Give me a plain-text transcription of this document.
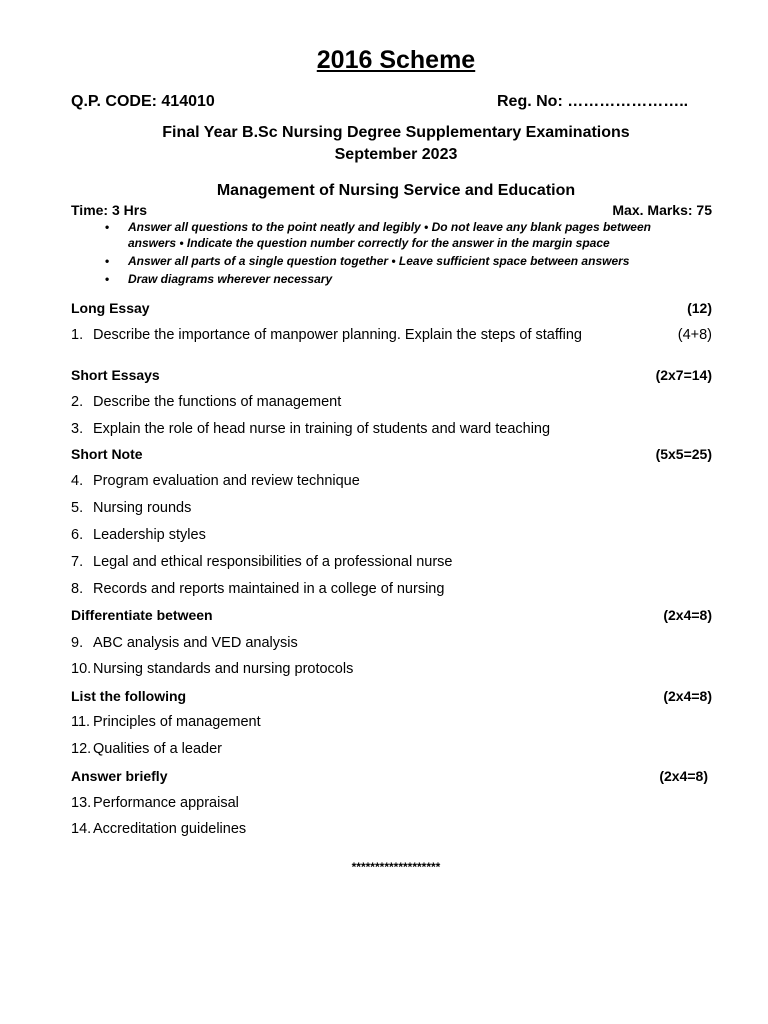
2016 Scheme
Q.P. CODE: 414010	Reg. No: …………………..
Final Year B.Sc Nursing Degree Supplementary Examinations
September 2023
Management of Nursing Service and Education
Time: 3 Hrs	Max. Marks: 75
• Answer all questions to the point neatly and legibly • Do not leave any blank pages between
answers • Indicate the question number correctly for the answer in the margin space
• Answer all parts of a single question together • Leave sufficient space between answers
• Draw diagrams wherever necessary
Long Essay	(12)
1. Describe the importance of manpower planning. Explain the steps of staffing	(4+8)
Short Essays	(2x7=14)
2. Describe the functions of management
3. Explain the role of head nurse in training of students and ward teaching
Short Note	(5x5=25)
4. Program evaluation and review technique
5. Nursing rounds
6. Leadership styles
7. Legal and ethical responsibilities of a professional nurse
8. Records and reports maintained in a college of nursing
Differentiate between	(2x4=8)
9. ABC analysis and VED analysis
10. Nursing standards and nursing protocols
List the following	(2x4=8)
11. Principles of management
12. Qualities of a leader
Answer briefly	(2x4=8)
13. Performance appraisal
14. Accreditation guidelines
*******************
